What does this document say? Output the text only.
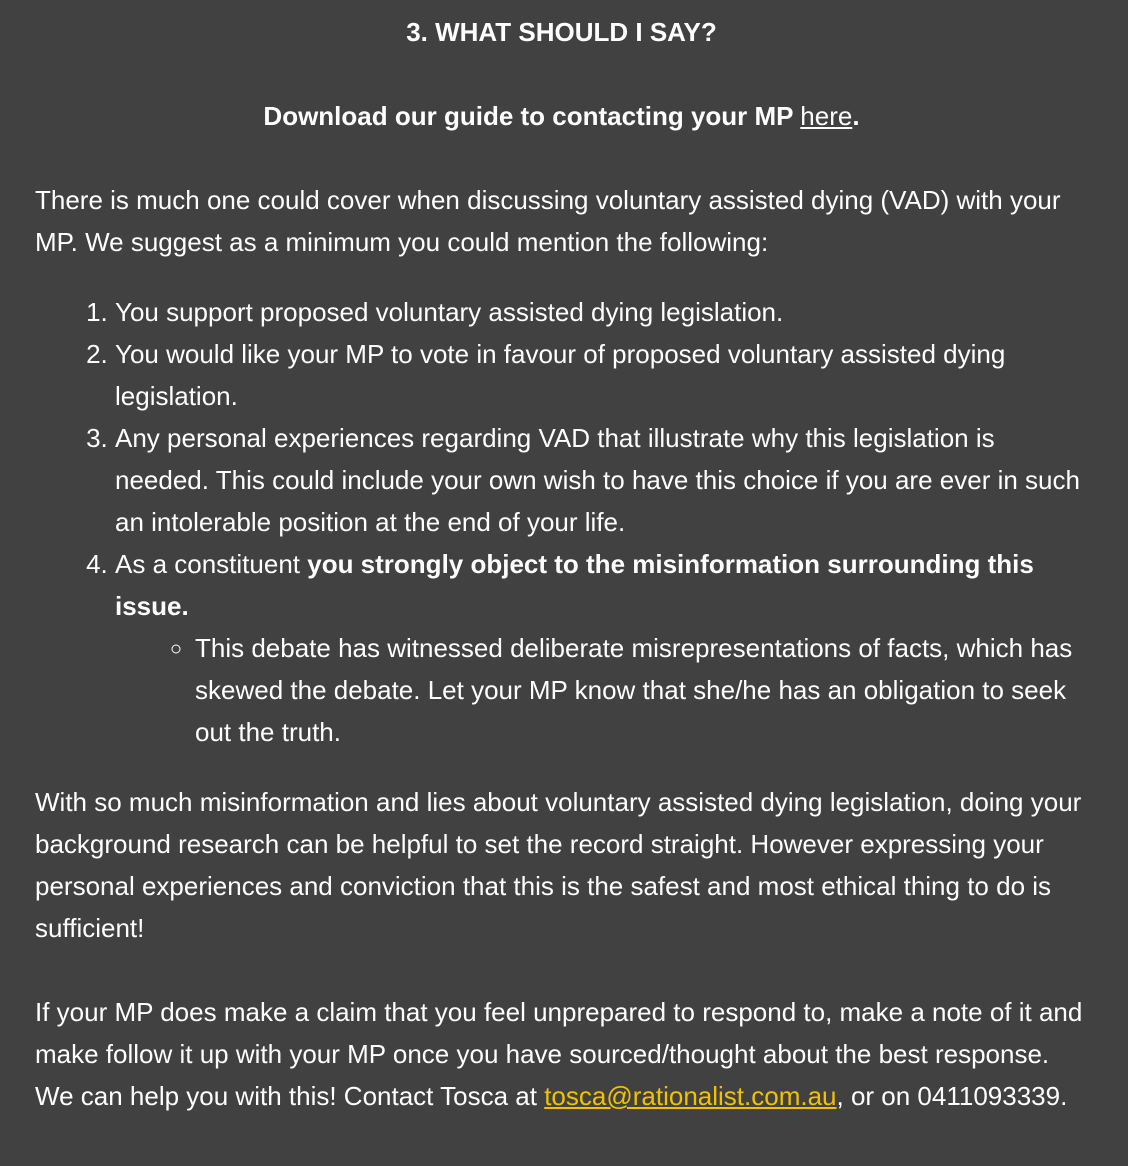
3. WHAT SHOULD I SAY?

Download our guide to contacting your MP here.

There is much one could cover when discussing voluntary assisted dying (VAD) with your MP. We suggest as a minimum you could mention the following:

1. You support proposed voluntary assisted dying legislation.
2. You would like your MP to vote in favour of proposed voluntary assisted dying legislation.
3. Any personal experiences regarding VAD that illustrate why this legislation is needed. This could include your own wish to have this choice if you are ever in such an intolerable position at the end of your life.
4. As a constituent you strongly object to the misinformation surrounding this issue.
◦ This debate has witnessed deliberate misrepresentations of facts, which has skewed the debate. Let your MP know that she/he has an obligation to seek out the truth.

With so much misinformation and lies about voluntary assisted dying legislation, doing your background research can be helpful to set the record straight. However expressing your personal experiences and conviction that this is the safest and most ethical thing to do is sufficient!

If your MP does make a claim that you feel unprepared to respond to, make a note of it and make follow it up with your MP once you have sourced/thought about the best response. We can help you with this! Contact Tosca at tosca@rationalist.com.au, or on 0411093339.
